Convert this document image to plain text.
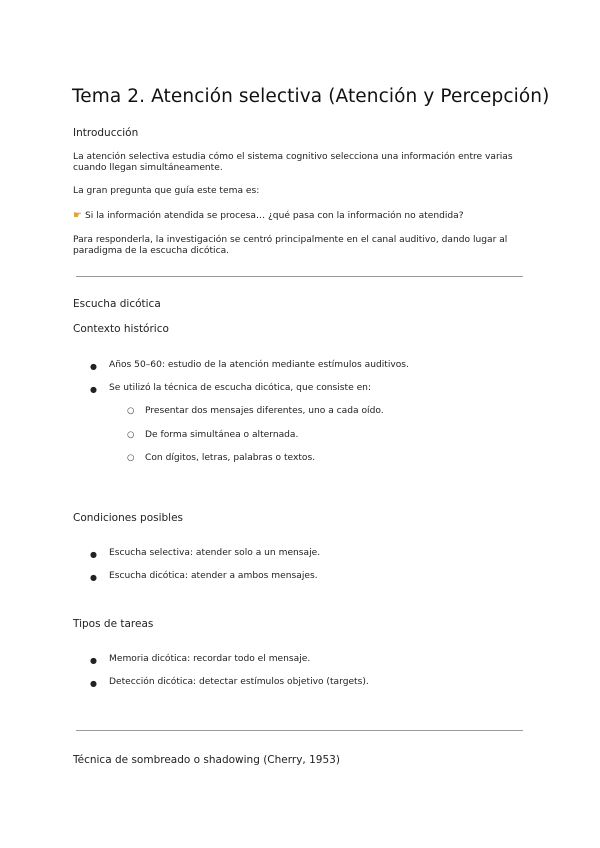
Tema 2. Atención selectiva (Atención y Percepción)

Introducción

La atención selectiva estudia cómo el sistema cognitivo selecciona una información entre varias cuando llegan simultáneamente.

La gran pregunta que guía este tema es:

☛ Si la información atendida se procesa… ¿qué pasa con la información no atendida?

Para responderla, la investigación se centró principalmente en el canal auditivo, dando lugar al paradigma de la escucha dicótica.

Escucha dicótica

Contexto histórico

● Años 50–60: estudio de la atención mediante estímulos auditivos.

● Se utilizó la técnica de escucha dicótica, que consiste en:

○ Presentar dos mensajes diferentes, uno a cada oído.

○ De forma simultánea o alternada.

○ Con dígitos, letras, palabras o textos.

Condiciones posibles

● Escucha selectiva: atender solo a un mensaje.

● Escucha dicótica: atender a ambos mensajes.

Tipos de tareas

● Memoria dicótica: recordar todo el mensaje.

● Detección dicótica: detectar estímulos objetivo (targets).

Técnica de sombreado o shadowing (Cherry, 1953)
